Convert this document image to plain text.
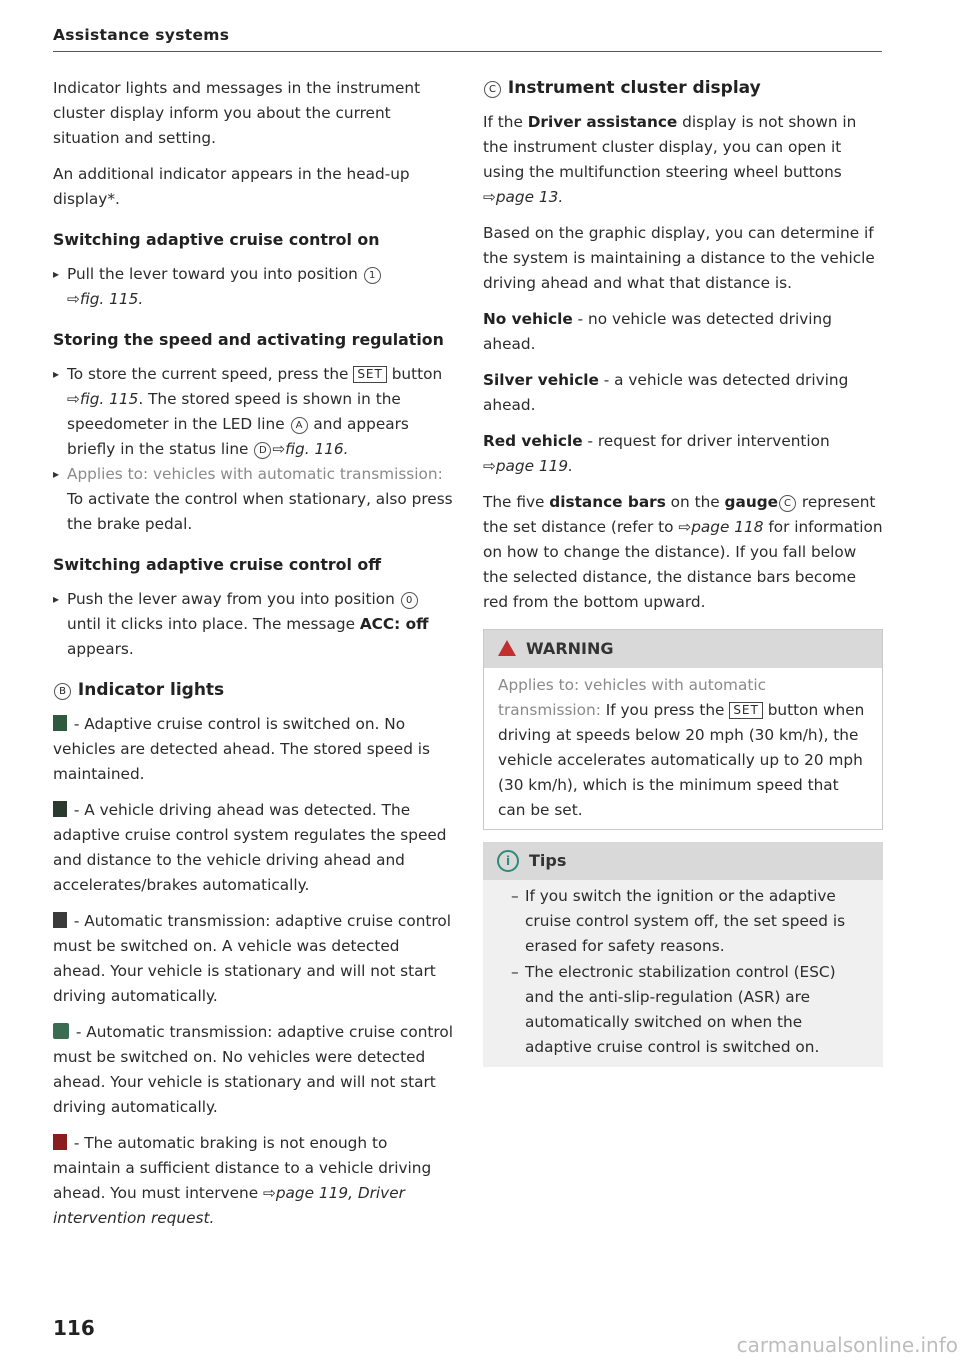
Assistance systems

Indicator lights and messages in the instrument cluster display inform you about the current situation and setting.

An additional indicator appears in the head-up display*.

Switching adaptive cruise control on
▸ Pull the lever toward you into position 1
⇨fig. 115.
Storing the speed and activating regulation
▸ To store the current speed, press the SET button ⇨fig. 115. The stored speed is shown in the speedometer in the LED line A and appears briefly in the status line D ⇨fig. 116.
▸ Applies to: vehicles with automatic transmission: To activate the control when stationary, also press the brake pedal.
Switching adaptive cruise control off
▸ Push the lever away from you into position 0 until it clicks into place. The message ACC: off appears.
B Indicator lights

- Adaptive cruise control is switched on. No vehicles are detected ahead. The stored speed is maintained.

- A vehicle driving ahead was detected. The adaptive cruise control system regulates the speed and distance to the vehicle driving ahead and accelerates/brakes automatically.

- Automatic transmission: adaptive cruise control must be switched on. A vehicle was detected ahead. Your vehicle is stationary and will not start driving automatically.

- Automatic transmission: adaptive cruise control must be switched on. No vehicles were detected ahead. Your vehicle is stationary and will not start driving automatically.

- The automatic braking is not enough to maintain a sufficient distance to a vehicle driving ahead. You must intervene ⇨page 119, Driver intervention request.

C Instrument cluster display

If the Driver assistance display is not shown in the instrument cluster display, you can open it using the multifunction steering wheel buttons ⇨page 13.

Based on the graphic display, you can determine if the system is maintaining a distance to the vehicle driving ahead and what that distance is.

No vehicle - no vehicle was detected driving ahead.

Silver vehicle - a vehicle was detected driving ahead.

Red vehicle - request for driver intervention ⇨page 119.

The five distance bars on the gauge C represent the set distance (refer to ⇨page 118 for information on how to change the distance). If you fall below the selected distance, the distance bars become red from the bottom upward.

WARNING
Applies to: vehicles with automatic transmission: If you press the SET button when driving at speeds below 20 mph (30 km/h), the vehicle accelerates automatically up to 20 mph (30 km/h), which is the minimum speed that can be set.
i Tips
– If you switch the ignition or the adaptive cruise control system off, the set speed is erased for safety reasons.
– The electronic stabilization control (ESC) and the anti-slip-regulation (ASR) are automatically switched on when the adaptive cruise control is switched on.
116
carmanualsonline.info
